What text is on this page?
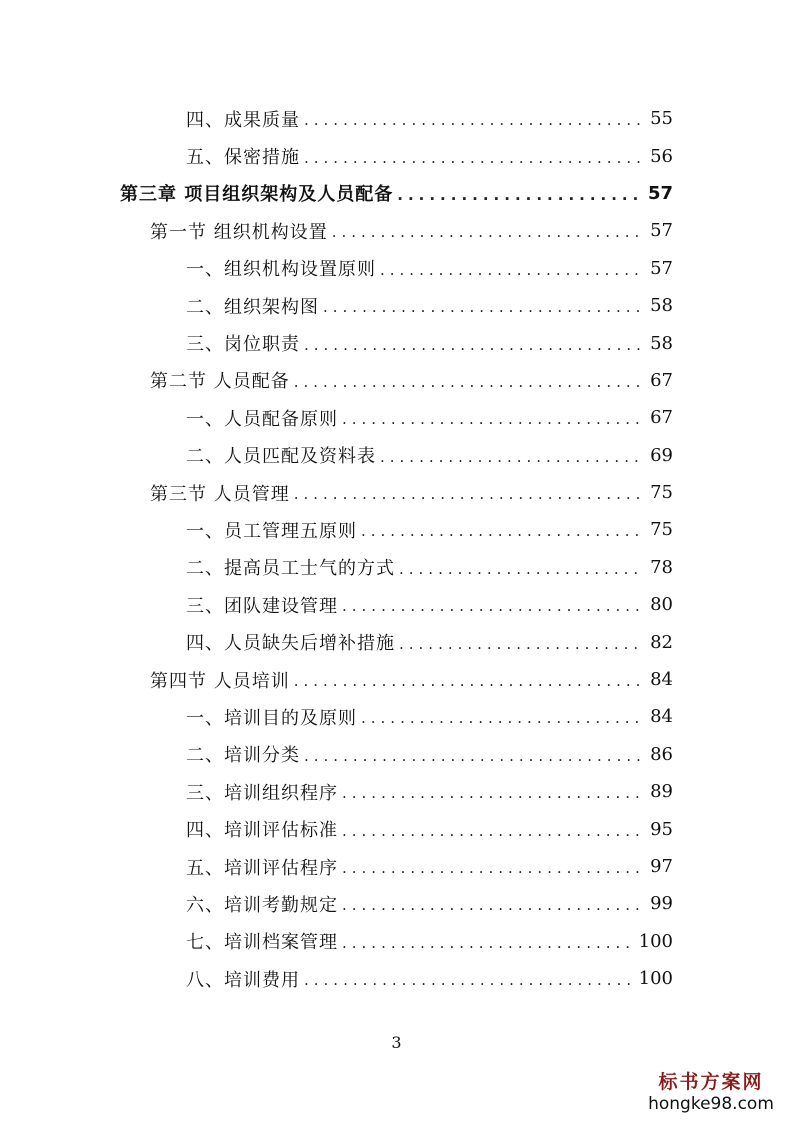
四、成果质量 .....	55
五、保密措施 .....	56
第三章 项目组织架构及人员配备 .....	57
第一节 组织机构设置 .....	57
一、组织机构设置原则 .....	57
二、组织架构图 .....	58
三、岗位职责 .....	58
第二节 人员配备 .....	67
一、人员配备原则 .....	67
二、人员匹配及资料表 .....	69
第三节 人员管理 .....	75
一、员工管理五原则 .....	75
二、提高员工士气的方式 .....	78
三、团队建设管理 .....	80
四、人员缺失后增补措施 .....	82
第四节 人员培训 .....	84
一、培训目的及原则 .....	84
二、培训分类 .....	86
三、培训组织程序 .....	89
四、培训评估标准 .....	95
五、培训评估程序 .....	97
六、培训考勤规定 .....	99
七、培训档案管理 .....	100
八、培训费用 .....	100
3
标书方案网
hongke98.com
